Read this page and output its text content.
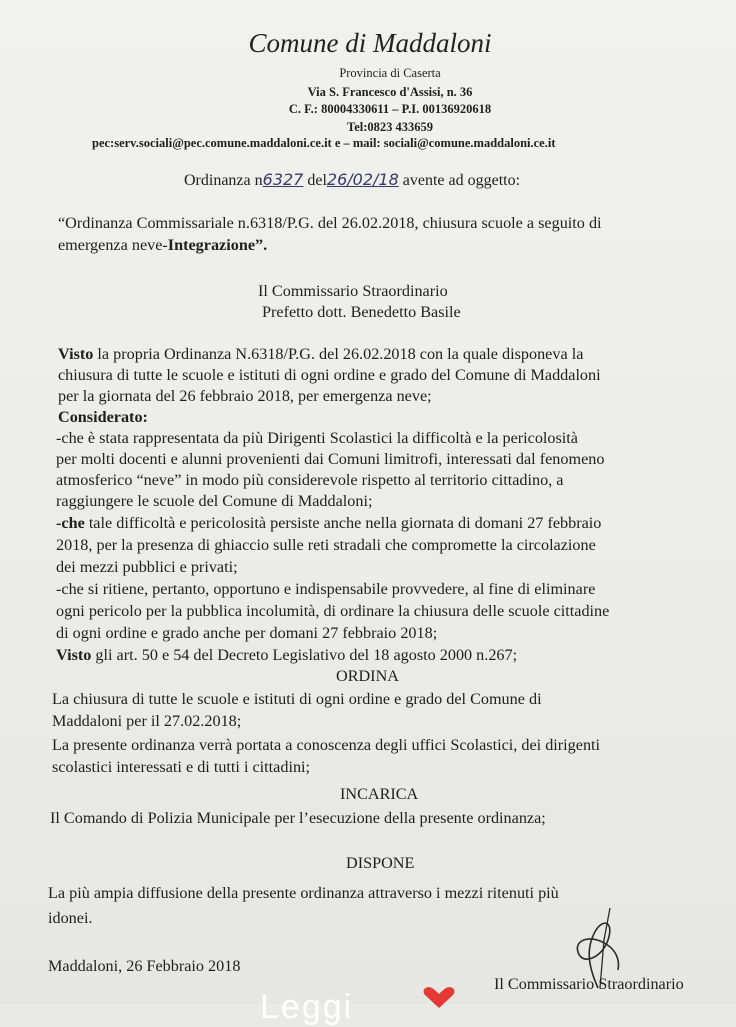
Comune di Maddaloni
Provincia di Caserta
Via S. Francesco d'Assisi, n. 36
C. F.: 80004330611 – P.I. 00136920618
Tel:0823 433659
pec:serv.sociali@pec.comune.maddaloni.ce.it e – mail: sociali@comune.maddaloni.ce.it
Ordinanza n6327 del26/02/18 avente ad oggetto:
“Ordinanza Commissariale n.6318/P.G. del 26.02.2018, chiusura scuole a seguito di
emergenza neve-Integrazione”.
Il Commissario Straordinario
Prefetto dott. Benedetto Basile
Visto la propria Ordinanza N.6318/P.G. del 26.02.2018 con la quale disponeva la
chiusura di tutte le scuole e istituti di ogni ordine e grado del Comune di Maddaloni
per la giornata del 26 febbraio 2018, per emergenza neve;
Considerato:
-che è stata rappresentata da più Dirigenti Scolastici la difficoltà e la pericolosità
per molti docenti e alunni provenienti dai Comuni limitrofi, interessati dal fenomeno
atmosferico “neve” in modo più considerevole rispetto al territorio cittadino, a
raggiungere le scuole del Comune di Maddaloni;
-che tale difficoltà e pericolosità persiste anche nella giornata di domani 27 febbraio
2018, per la presenza di ghiaccio sulle reti stradali che compromette la circolazione
dei mezzi pubblici e privati;
-che si ritiene, pertanto, opportuno e indispensabile provvedere, al fine di eliminare
ogni pericolo per la pubblica incolumità, di ordinare la chiusura delle scuole cittadine
di ogni ordine e grado anche per domani 27 febbraio 2018;
Visto gli art. 50 e 54 del Decreto Legislativo del 18 agosto 2000 n.267;
ORDINA
La chiusura di tutte le scuole e istituti di ogni ordine e grado del Comune di
Maddaloni per il 27.02.2018;
La presente ordinanza verrà portata a conoscenza degli uffici Scolastici, dei dirigenti
scolastici interessati e di tutti i cittadini;
INCARICA
Il Comando di Polizia Municipale per l’esecuzione della presente ordinanza;
DISPONE
La più ampia diffusione della presente ordinanza attraverso i mezzi ritenuti più
idonei.
Maddaloni, 26 Febbraio 2018
Il Commissario Straordinario
Leggi
